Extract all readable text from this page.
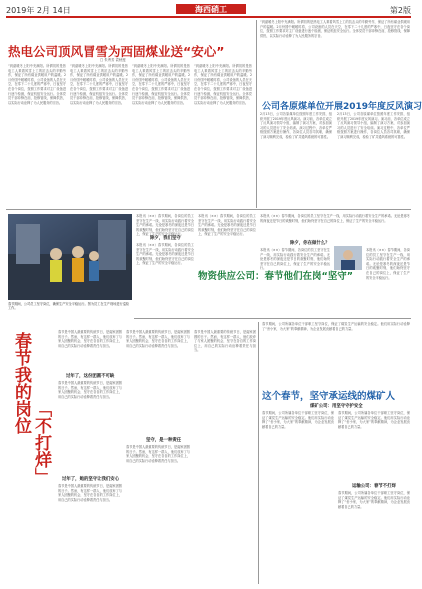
2019年 2月 14日	海西硝工	第2版
热电公司顶风冒雪为西固煤业送“安心”
□ 朱秀芳 袁秋莲
“到湛暖冬上阳中充满阳。所谓初的是热电工人乘着风雪上工的抗击头的辛勤劳作，保证了所有煤业供暖用户的温暖。2月份国中暖暖时将，公司设备的人员在天空，在零下二十几度的严寒中，日夜坚守在各个岗位，按照工作要求对主厂设备进行逐个检测，保证机组安全运行。全体党员干部冲锋在前，抢修管线，保障供热，以实际行动诠释了为人民服务的宗旨。
“到湛暖冬上阳中充满阳。所谓初的是热电工人乘着风雪上工的抗击头的辛勤劳作，保证了所有煤业供暖用户的温暖。2月份国中暖暖时将，公司设备的人员在天空，在零下二十几度的严寒中，日夜坚守在各个岗位，按照工作要求对主厂设备进行逐个检测，保证机组安全运行。全体党员干部冲锋在前，抢修管线，保障供热，以实际行动诠释了为人民服务的宗旨。
“到湛暖冬上阳中充满阳。所谓初的是热电工人乘着风雪上工的抗击头的辛勤劳作，保证了所有煤业供暖用户的温暖。2月份国中暖暖时将，公司设备的人员在天空，在零下二十几度的严寒中，日夜坚守在各个岗位，按照工作要求对主厂设备进行逐个检测，保证机组安全运行。全体党员干部冲锋在前，抢修管线，保障供热，以实际行动诠释了为人民服务的宗旨。
“到湛暖冬上阳中充满阳。所谓初的是热电工人乘着风雪上工的抗击头的辛勤劳作，保证了所有煤业供暖用户的温暖。2月份国中暖暖时将，公司设备的人员在天空，在零下二十几度的严寒中，日夜坚守在各个岗位，按照工作要求对主厂设备进行逐个检测，保证机组安全运行。全体党员干部冲锋在前，抢修管线，保障供热，以实际行动诠释了为人民服务的宗旨。
“到湛暖冬上阳中充满阳。所谓初的是热电工人乘着风雪上工的抗击头的辛勤劳作，保证了所有煤业供暖用户的温暖。2月份国中暖暖时将，公司设备的人员在天空，在零下二十几度的严寒中，日夜坚守在各个岗位，按照工作要求对主厂设备进行逐个检测，保证机组安全运行。全体党员干部冲锋在前，抢修管线，保障供热，以实际行动诠释了为人民服务的宗旨。
公司各原煤单位开展2019年度反风演习
2月13日，公司各原煤单位按照年度工作安排，组织开展了2019年度反风演习。演习前，各单位成立了反风演习领导小组，编制了演习方案，对参加演习的人员进行了安全培训。演习过程中，各单位严格按照方案进行操作，各岗位人员各司其职，确保了演习顺利完成，检验了矿井通风系统的可靠性。
2月13日，公司各原煤单位按照年度工作安排，组织开展了2019年度反风演习。演习前，各单位成立了反风演习领导小组，编制了演习方案，对参加演习的人员进行了安全培训。演习过程中，各单位严格按照方案进行操作，各岗位人员各司其职，确保了演习顺利完成，检验了矿井通风系统的可靠性。
春节期间，公司员工坚守岗位，确保生产安全平稳运行。图为员工在生产现场进行巡检工作。
本报讯（××）春节期间，各岗位的员工坚守在生产一线，用实际行动践行着安全生产的承诺。无论是寒冬的深夜还是节日的欢聚时刻，他们始终坚守在自己的岗位上，保证了生产的安全平稳运行。
除夕，我们坚守
本报讯（××）春节期间，各岗位的员工坚守在生产一线，用实际行动践行着安全生产的承诺。无论是寒冬的深夜还是节日的欢聚时刻，他们始终坚守在自己的岗位上，保证了生产的安全平稳运行。
本报讯（××）春节期间，各岗位的员工坚守在生产一线，用实际行动践行着安全生产的承诺。无论是寒冬的深夜还是节日的欢聚时刻，他们始终坚守在自己的岗位上，保证了生产的安全平稳运行。
本报讯（××）春节期间，各岗位的员工坚守在生产一线，用实际行动践行着安全生产的承诺。无论是寒冬的深夜还是节日的欢聚时刻，他们始终坚守在自己的岗位上，保证了生产的安全平稳运行。
除夕，你在做什么？
本报讯（××）春节期间，各岗位的员工坚守在生产一线，用实际行动践行着安全生产的承诺。无论是寒冬的深夜还是节日的欢聚时刻，他们始终坚守在自己的岗位上，保证了生产的安全平稳运行。
本报讯（××）春节期间，各岗位的员工坚守在生产一线，用实际行动践行着安全生产的承诺。无论是寒冬的深夜还是节日的欢聚时刻，他们始终坚守在自己的岗位上，保证了生产的安全平稳运行。
物资供应公司：春节他们在岗“坚守”
春节我的岗位
「不打烊」
春节是中国人最重要的传统节日，是阖家团圆的日子。然而，有这样一群人，他们放弃了与家人团聚的机会，坚守在各自的工作岗位上，用自己的实际行动诠释着责任与担当。
过年了，这份团圆不可缺
春节是中国人最重要的传统节日，是阖家团圆的日子。然而，有这样一群人，他们放弃了与家人团聚的机会，坚守在各自的工作岗位上，用自己的实际行动诠释着责任与担当。
过年了，她的坚守让我们安心
春节是中国人最重要的传统节日，是阖家团圆的日子。然而，有这样一群人，他们放弃了与家人团聚的机会，坚守在各自的工作岗位上，用自己的实际行动诠释着责任与担当。
春节是中国人最重要的传统节日，是阖家团圆的日子。然而，有这样一群人，他们放弃了与家人团聚的机会，坚守在各自的工作岗位上，用自己的实际行动诠释着责任与担当。
坚守，是一种责任
春节是中国人最重要的传统节日，是阖家团圆的日子。然而，有这样一群人，他们放弃了与家人团聚的机会，坚守在各自的工作岗位上，用自己的实际行动诠释着责任与担当。
春节是中国人最重要的传统节日，是阖家团圆的日子。然而，有这样一群人，他们放弃了与家人团聚的机会，坚守在各自的工作岗位上，用自己的实际行动诠释着责任与担当。
春节期间，公司所属各单位干部职工坚守岗位，保证了煤炭生产运输的安全稳定。他们用实际行动诠释了“舍小家，为大家”的奉献精神，为企业发展贡献着自己的力量。
这个春节，坚守承运线的煤矿人
煤矿公司：用坚守守护安全
春节期间，公司所属各单位干部职工坚守岗位，保证了煤炭生产运输的安全稳定。他们用实际行动诠释了“舍小家，为大家”的奉献精神，为企业发展贡献着自己的力量。
运输公司：春节不打烊
春节期间，公司所属各单位干部职工坚守岗位，保证了煤炭生产运输的安全稳定。他们用实际行动诠释了“舍小家，为大家”的奉献精神，为企业发展贡献着自己的力量。
春节期间，公司所属各单位干部职工坚守岗位，保证了煤炭生产运输的安全稳定。他们用实际行动诠释了“舍小家，为大家”的奉献精神，为企业发展贡献着自己的力量。
